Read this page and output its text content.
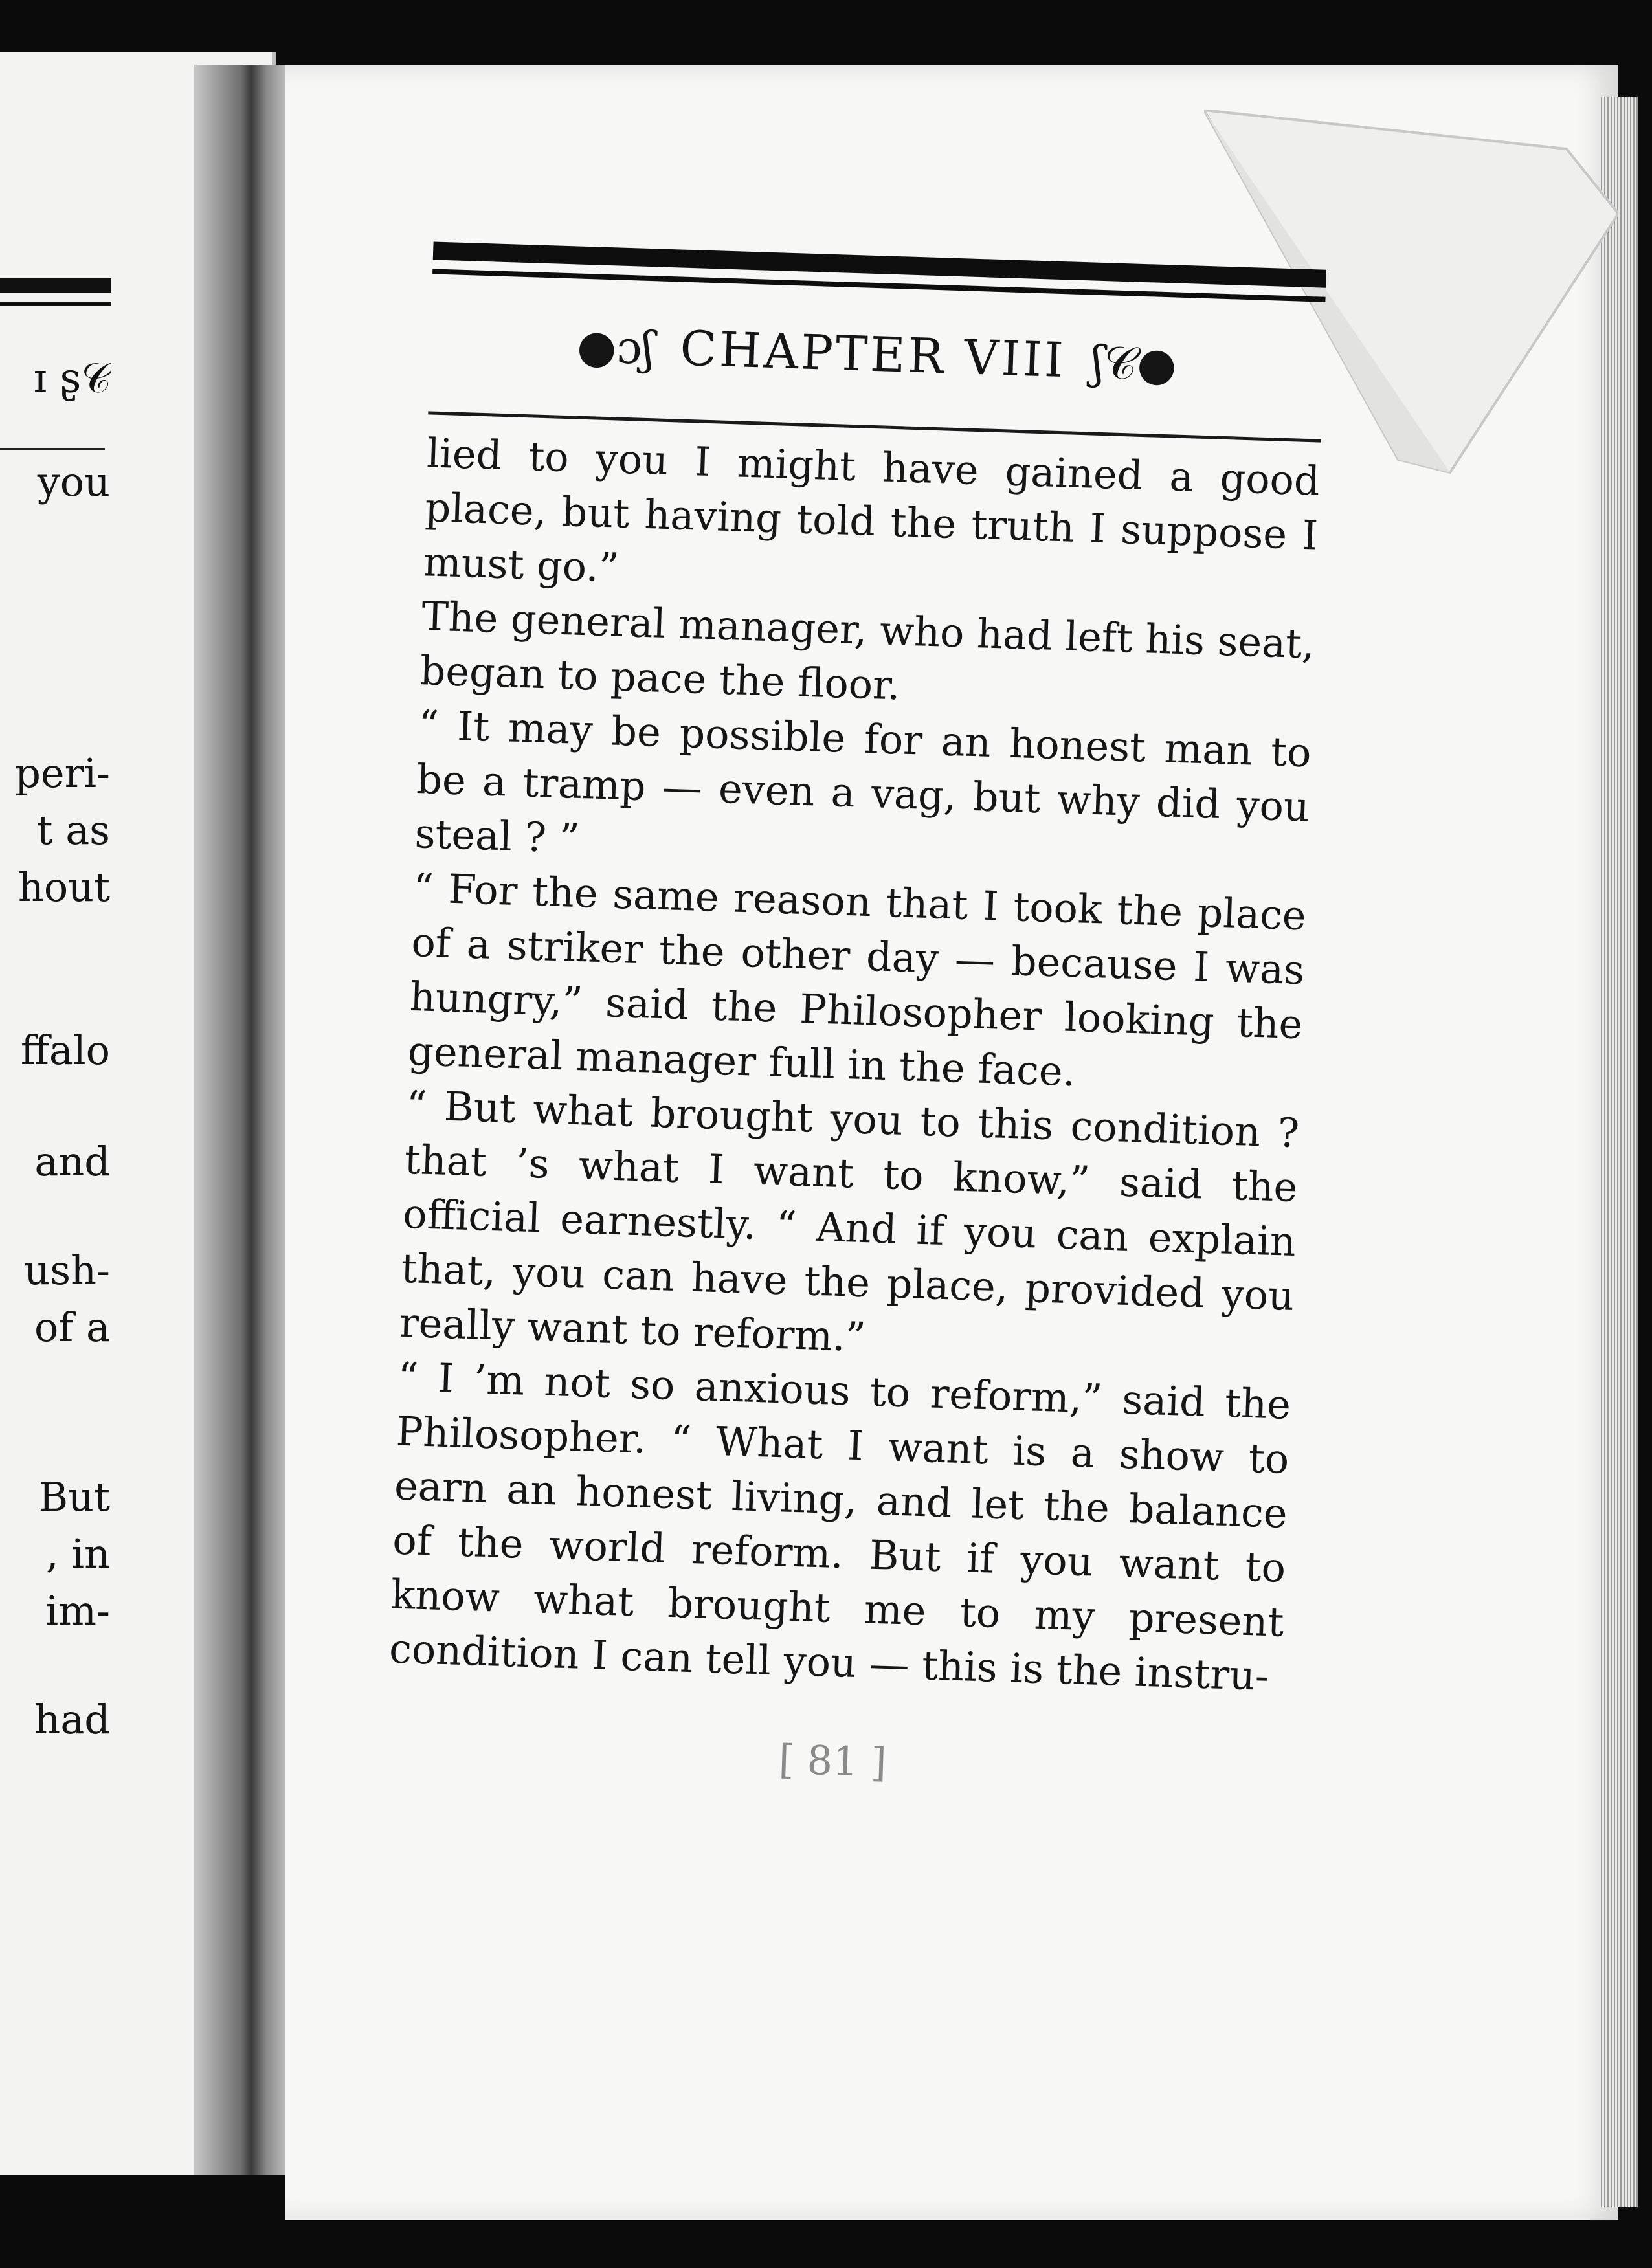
ɪ ʂ𝒞
you
peri-
t as
hout
ffalo
and
ush-
of a
But
, in
im-
had
●ɔʃ CHAPTER VIII ʃ𝒞●

lied to you I might have gained a good place, but having told the truth I suppose I must go.”

The general manager, who had left his seat, began to pace the floor.

“ It may be possible for an honest man to be a tramp — even a vag, but why did you steal ? ”

“ For the same reason that I took the place of a striker the other day — because I was hungry,” said the Philosopher looking the general manager full in the face.

“ But what brought you to this condition ? that ’s what I want to know,” said the official earnestly. “ And if you can explain that, you can have the place, provided you really want to reform.”

“ I ’m not so anxious to reform,” said the Philosopher. “ What I want is a show to earn an honest living, and let the balance of the world reform. But if you want to know what brought me to my present condition I can tell you — this is the instru-

[ 81 ]
